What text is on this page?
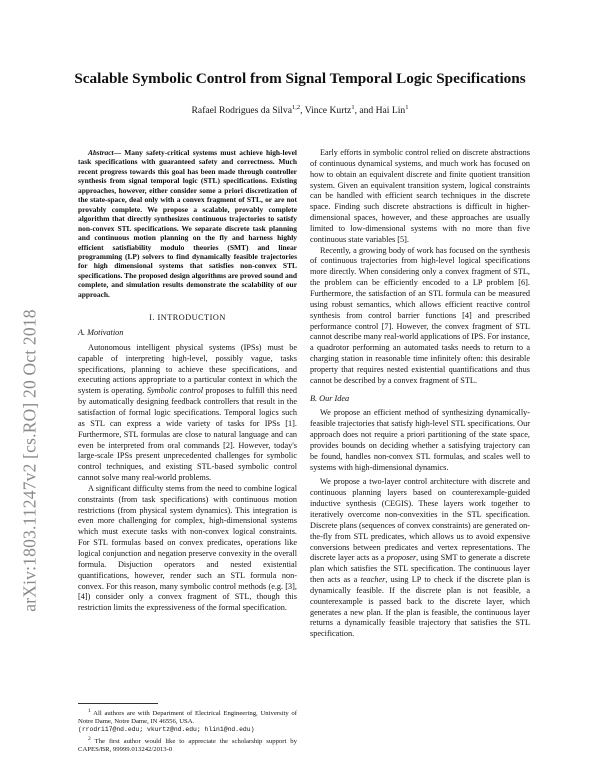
arXiv:1803.11247v2 [cs.RO] 20 Oct 2018
Scalable Symbolic Control from Signal Temporal Logic Specifications
Rafael Rodrigues da Silva$^{1,2}$, Vince Kurtz$^1$, and Hai Lin$^1$
Abstract— Many safety-critical systems must achieve high-level task specifications with guaranteed safety and correctness. Much recent progress towards this goal has been made through controller synthesis from signal temporal logic (STL) specifications. Existing approaches, however, either consider some a priori discretization of the state-space, deal only with a convex fragment of STL, or are not provably complete. We propose a scalable, provably complete algorithm that directly synthesizes continuous trajectories to satisfy non-convex STL specifications. We separate discrete task planning and continuous motion planning on the fly and harness highly efficient satisfiability modulo theories (SMT) and linear programming (LP) solvers to find dynamically feasible trajectories for high dimensional systems that satisfies non-convex STL specifications. The proposed design algorithms are proved sound and complete, and simulation results demonstrate the scalability of our approach.
I. INTRODUCTION
A. Motivation

Autonomous intelligent physical systems (IPSs) must be capable of interpreting high-level, possibly vague, tasks specifications, planning to achieve these specifications, and executing actions appropriate to a particular context in which the system is operating. Symbolic control proposes to fulfill this need by automatically designing feedback controllers that result in the satisfaction of formal logic specifications. Temporal logics such as STL can express a wide variety of tasks for IPSs [1]. Furthermore, STL formulas are close to natural language and can even be interpreted from oral commands [2]. However, today's large-scale IPSs present unprecedented challenges for symbolic control techniques, and existing STL-based symbolic control cannot solve many real-world problems.

A significant difficulty stems from the need to combine logical constraints (from task specifications) with continuous motion restrictions (from physical system dynamics). This integration is even more challenging for complex, high-dimensional systems which must execute tasks with non-convex logical constraints. For STL formulas based on convex predicates, operations like logical conjunction and negation preserve convexity in the overall formula. Disjuction operators and nested existential quantifications, however, render such an STL formula non-convex. For this reason, many symbolic control methods (e.g. [3], [4]) consider only a convex fragment of STL, though this restriction limits the expressiveness of the formal specification.

$^1$ All authors are with Department of Electrical Engineering, University of Notre Dame, Notre Dame, IN 46556, USA.
(rrodri17@nd.edu; vkurtz@nd.edu; hlin1@nd.edu)
$^2$ The first author would like to appreciate the scholarship support by CAPES/BR, 99999.013242/2013-0

Early efforts in symbolic control relied on discrete abstractions of continuous dynamical systems, and much work has focused on how to obtain an equivalent discrete and finite quotient transition system. Given an equivalent transition system, logical constraints can be handled with efficient search techniques in the discrete space. Finding such discrete abstractions is difficult in higher-dimensional spaces, however, and these approaches are usually limited to low-dimensional systems with no more than five continuous state variables [5].

Recently, a growing body of work has focused on the synthesis of continuous trajectories from high-level logical specifications more directly. When considering only a convex fragment of STL, the problem can be efficiently encoded to a LP problem [6]. Furthermore, the satisfaction of an STL formula can be measured using robust semantics, which allows efficient reactive control synthesis from control barrier functions [4] and prescribed performance control [7]. However, the convex fragment of STL cannot describe many real-world applications of IPS. For instance, a quadrotor performing an automated tasks needs to return to a charging station in reasonable time infinitely often: this desirable property that requires nested existential quantifications and thus cannot be described by a convex fragment of STL.

B. Our Idea

We propose an efficient method of synthesizing dynamically-feasible trajectories that satisfy high-level STL specifications. Our approach does not require a priori partitioning of the state space, provides bounds on deciding whether a satisfying trajectory can be found, handles non-convex STL formulas, and scales well to systems with high-dimensional dynamics.

We propose a two-layer control architecture with discrete and continuous planning layers based on counterexample-guided inductive synthesis (CEGIS). These layers work together to iteratively overcome non-convexities in the STL specification. Discrete plans (sequences of convex constraints) are generated on-the-fly from STL predicates, which allows us to avoid expensive conversions between predicates and vertex representations. The discrete layer acts as a proposer, using SMT to generate a discrete plan which satisfies the STL specification. The continuous layer then acts as a teacher, using LP to check if the discrete plan is dynamically feasible. If the discrete plan is not feasible, a counterexample is passed back to the discrete layer, which generates a new plan. If the plan is feasible, the continuous layer returns a dynamically feasible trajectory that satisfies the STL specification.
